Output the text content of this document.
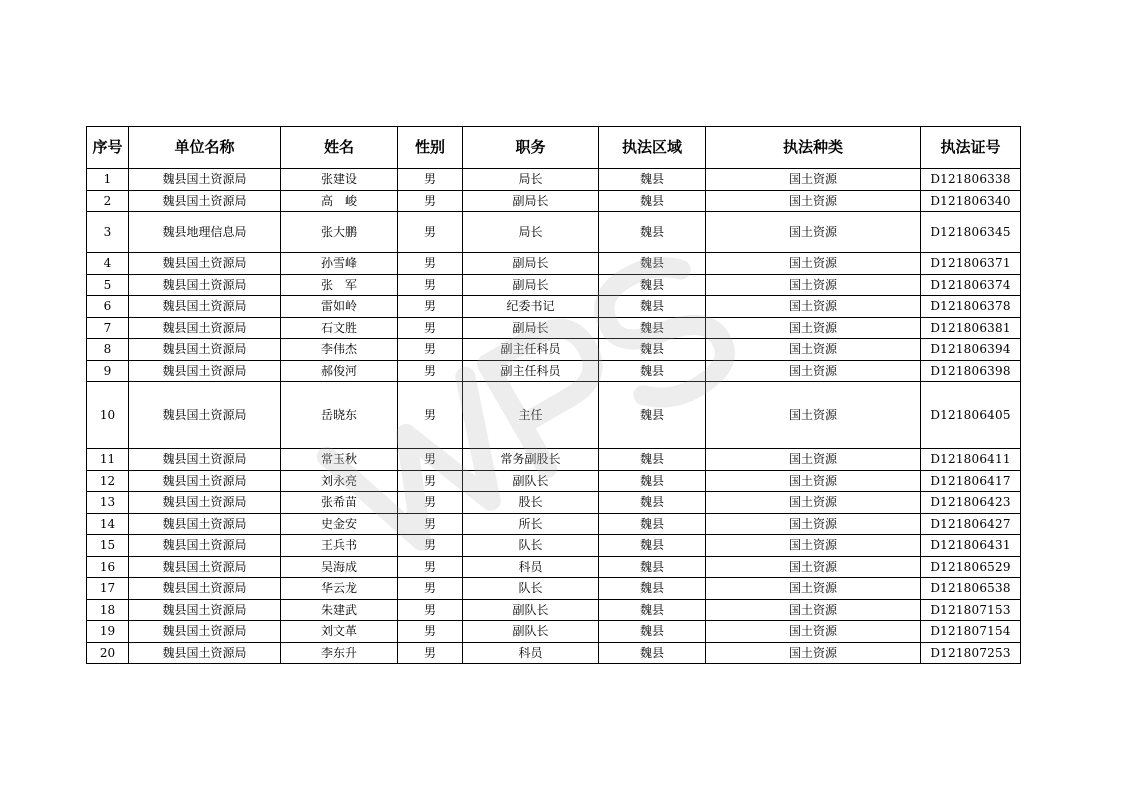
序号	单位名称	姓名	性别	职务	执法区域	执法种类	执法证号
1	魏县国土资源局	张建设	男	局长	魏县	国土资源	D121806338
2	魏县国土资源局	高　峻	男	副局长	魏县	国土资源	D121806340
3	魏县地理信息局	张大鹏	男	局长	魏县	国土资源	D121806345
4	魏县国土资源局	孙雪峰	男	副局长	魏县	国土资源	D121806371
5	魏县国土资源局	张　军	男	副局长	魏县	国土资源	D121806374
6	魏县国土资源局	雷如岭	男	纪委书记	魏县	国土资源	D121806378
7	魏县国土资源局	石文胜	男	副局长	魏县	国土资源	D121806381
8	魏县国土资源局	李伟杰	男	副主任科员	魏县	国土资源	D121806394
9	魏县国土资源局	郝俊河	男	副主任科员	魏县	国土资源	D121806398
10	魏县国土资源局	岳晓东	男	主任	魏县	国土资源	D121806405
11	魏县国土资源局	常玉秋	男	常务副股长	魏县	国土资源	D121806411
12	魏县国土资源局	刘永亮	男	副队长	魏县	国土资源	D121806417
13	魏县国土资源局	张希苗	男	股长	魏县	国土资源	D121806423
14	魏县国土资源局	史金安	男	所长	魏县	国土资源	D121806427
15	魏县国土资源局	王兵书	男	队长	魏县	国土资源	D121806431
16	魏县国土资源局	吴海成	男	科员	魏县	国土资源	D121806529
17	魏县国土资源局	华云龙	男	队长	魏县	国土资源	D121806538
18	魏县国土资源局	朱建武	男	副队长	魏县	国土资源	D121807153
19	魏县国土资源局	刘文革	男	副队长	魏县	国土资源	D121807154
20	魏县国土资源局	李东升	男	科员	魏县	国土资源	D121807253
